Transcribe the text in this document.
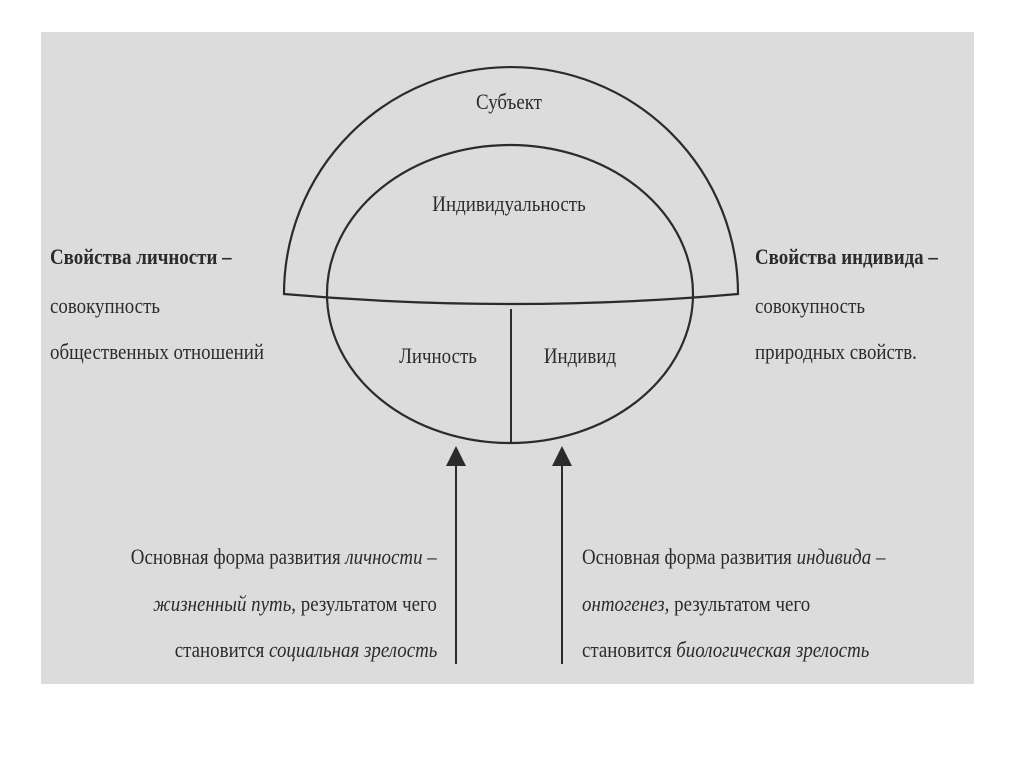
Субъект
Индивидуальность
Личность	Индивид
Свойства личности –
совокупность
общественных отношений
Свойства индивида –
совокупность
природных свойств.
Основная форма развития личности –
жизненный путь, результатом чего
становится социальная зрелость
Основная форма развития индивида –
онтогенез, результатом чего
становится биологическая зрелость
